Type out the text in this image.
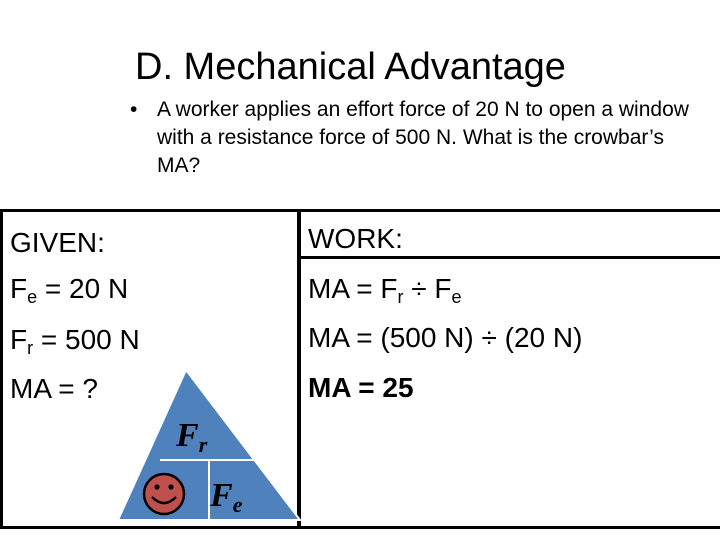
D. Mechanical Advantage
• A worker applies an effort force of 20 N to open a window with a resistance force of 500 N. What is the crowbar’s MA?
GIVEN:
$F_e = 20$ N
$F_r = 500$ N
MA = ?
WORK:
MA = $F_r \div F_e$
MA = (500 N) ÷ (20 N)
MA = 25
Fr
Fe
